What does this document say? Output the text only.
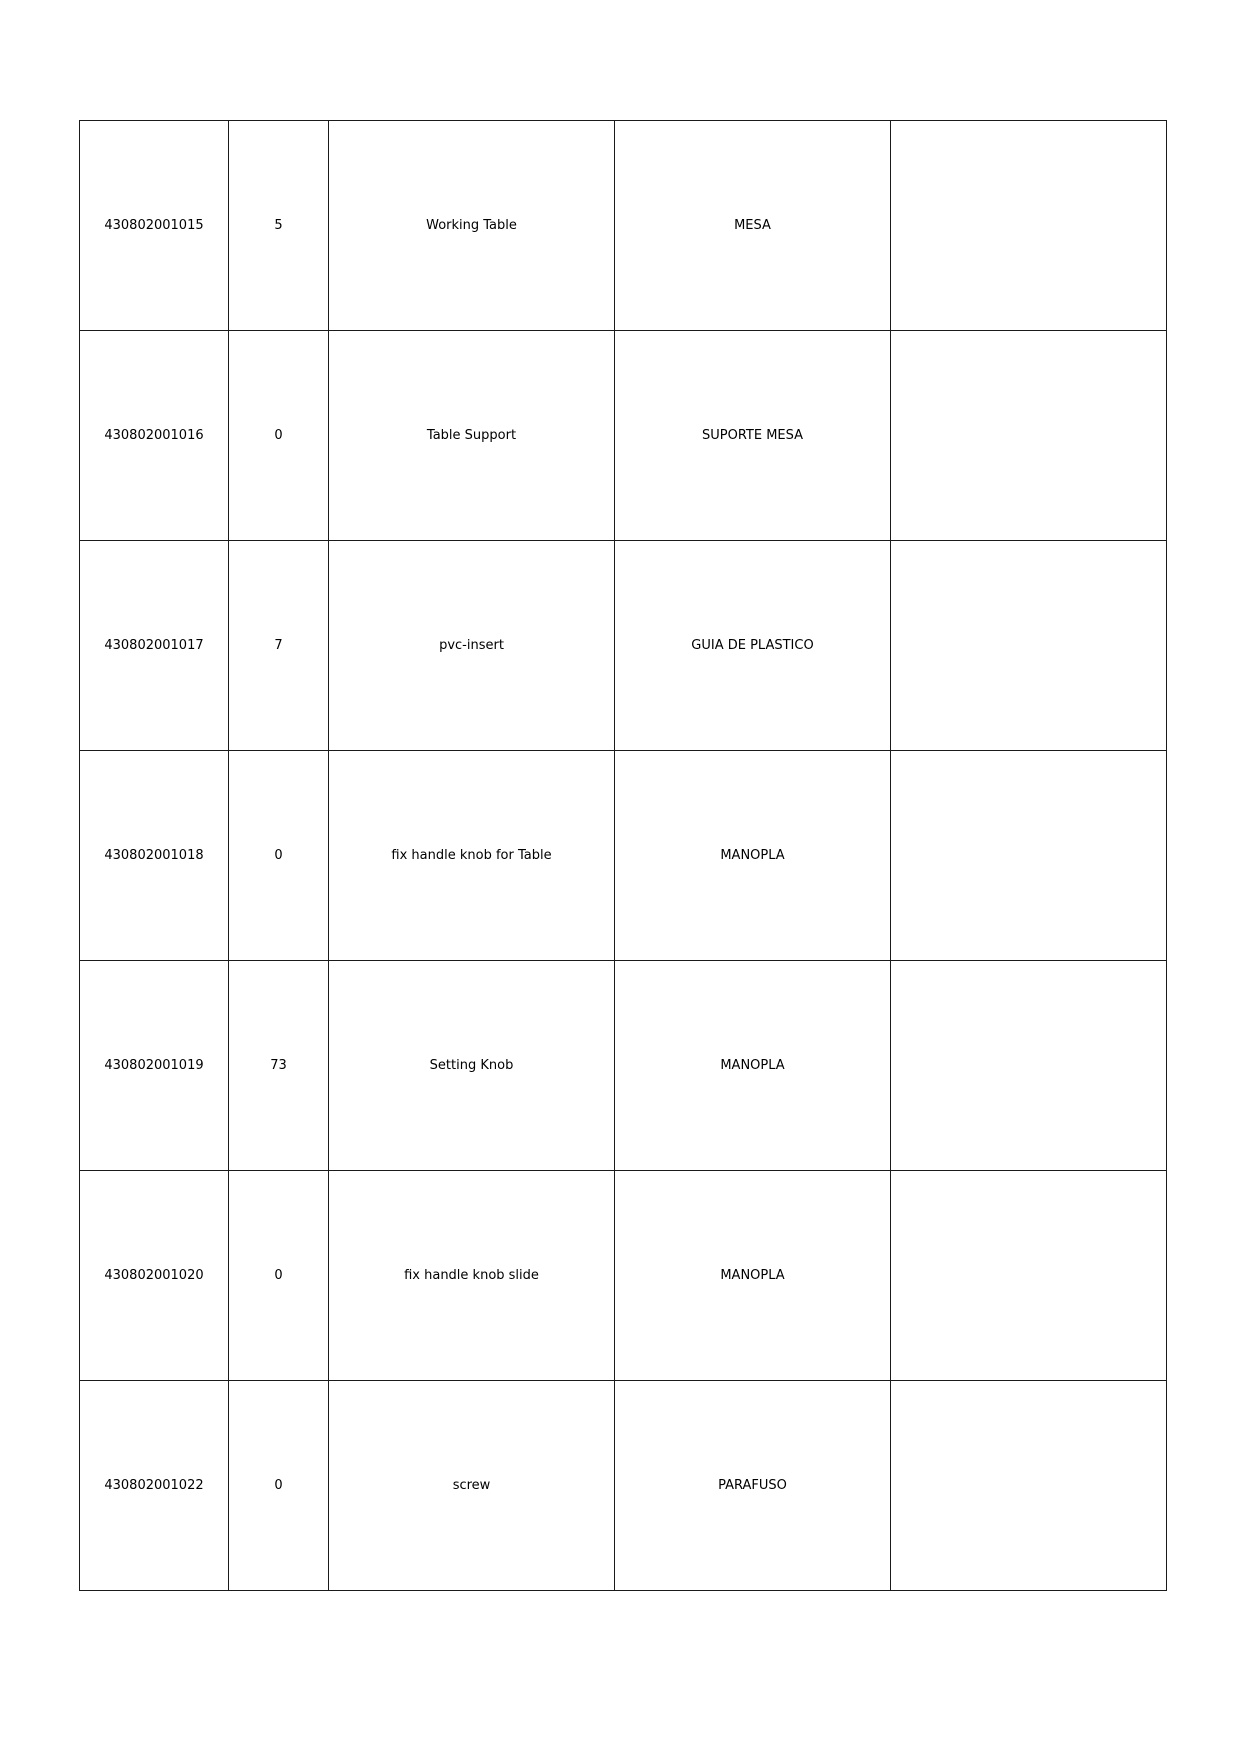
430802001015	5	Working Table	MESA	
430802001016	0	Table Support	SUPORTE MESA	
430802001017	7	pvc-insert	GUIA DE PLASTICO	
430802001018	0	fix handle knob for Table	MANOPLA	
430802001019	73	Setting Knob	MANOPLA	
430802001020	0	fix handle knob slide	MANOPLA	
430802001022	0	screw	PARAFUSO	
